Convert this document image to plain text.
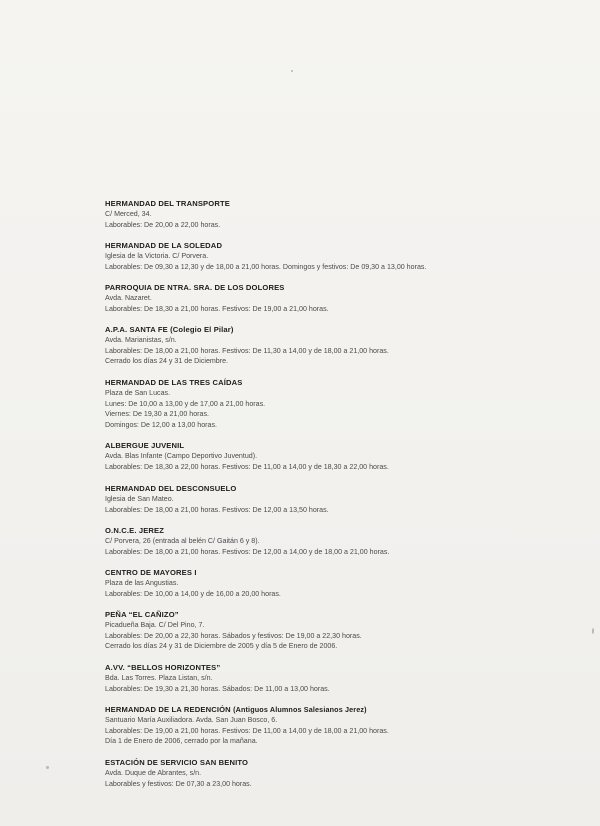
HERMANDAD DEL TRANSPORTE

C/ Merced, 34.

Laborables: De 20,00 a 22,00 horas.

HERMANDAD DE LA SOLEDAD

Iglesia de la Victoria. C/ Porvera.

Laborables: De 09,30 a 12,30 y de 18,00 a 21,00 horas. Domingos y festivos: De 09,30 a 13,00 horas.

PARROQUIA DE NTRA. SRA. DE LOS DOLORES

Avda. Nazaret.

Laborables: De 18,30 a 21,00 horas. Festivos: De 19,00 a 21,00 horas.

A.P.A. SANTA FE (Colegio El Pilar)

Avda. Marianistas, s/n.

Laborables: De 18,00 a 21,00 horas. Festivos: De 11,30 a 14,00 y de 18,00 a 21,00 horas.

Cerrado los días 24 y 31 de Diciembre.

HERMANDAD DE LAS TRES CAÍDAS

Plaza de San Lucas.

Lunes: De 10,00 a 13,00 y de 17,00 a 21,00 horas.

Viernes: De 19,30 a 21,00 horas.

Domingos: De 12,00 a 13,00 horas.

ALBERGUE JUVENIL

Avda. Blas Infante (Campo Deportivo Juventud).

Laborables: De 18,30 a 22,00 horas. Festivos: De 11,00 a 14,00 y de 18,30 a 22,00 horas.

HERMANDAD DEL DESCONSUELO

Iglesia de San Mateo.

Laborables: De 18,00 a 21,00 horas. Festivos: De 12,00 a 13,50 horas.

O.N.C.E. JEREZ

C/ Porvera, 26 (entrada al belén C/ Gaitán 6 y 8).

Laborables: De 18,00 a 21,00 horas. Festivos: De 12,00 a 14,00 y de 18,00 a 21,00 horas.

CENTRO DE MAYORES I

Plaza de las Angustias.

Laborables: De 10,00 a 14,00 y de 16,00 a 20,00 horas.

PEÑA “EL CAÑIZO”

Picadueña Baja. C/ Del Pino, 7.

Laborables: De 20,00 a 22,30 horas. Sábados y festivos: De 19,00 a 22,30 horas.

Cerrado los días 24 y 31 de Diciembre de 2005 y día 5 de Enero de 2006.

A.VV. “BELLOS HORIZONTES”

Bda. Las Torres. Plaza Listan, s/n.

Laborables: De 19,30 a 21,30 horas. Sábados: De 11,00 a 13,00 horas.

HERMANDAD DE LA REDENCIÓN (Antiguos Alumnos Salesianos Jerez)

Santuario María Auxiliadora. Avda. San Juan Bosco, 6.

Laborables: De 19,00 a 21,00 horas. Festivos: De 11,00 a 14,00 y de 18,00 a 21,00 horas.

Día 1 de Enero de 2006, cerrado por la mañana.

ESTACIÓN DE SERVICIO SAN BENITO

Avda. Duque de Abrantes, s/n.

Laborables y festivos: De 07,30 a 23,00 horas.
